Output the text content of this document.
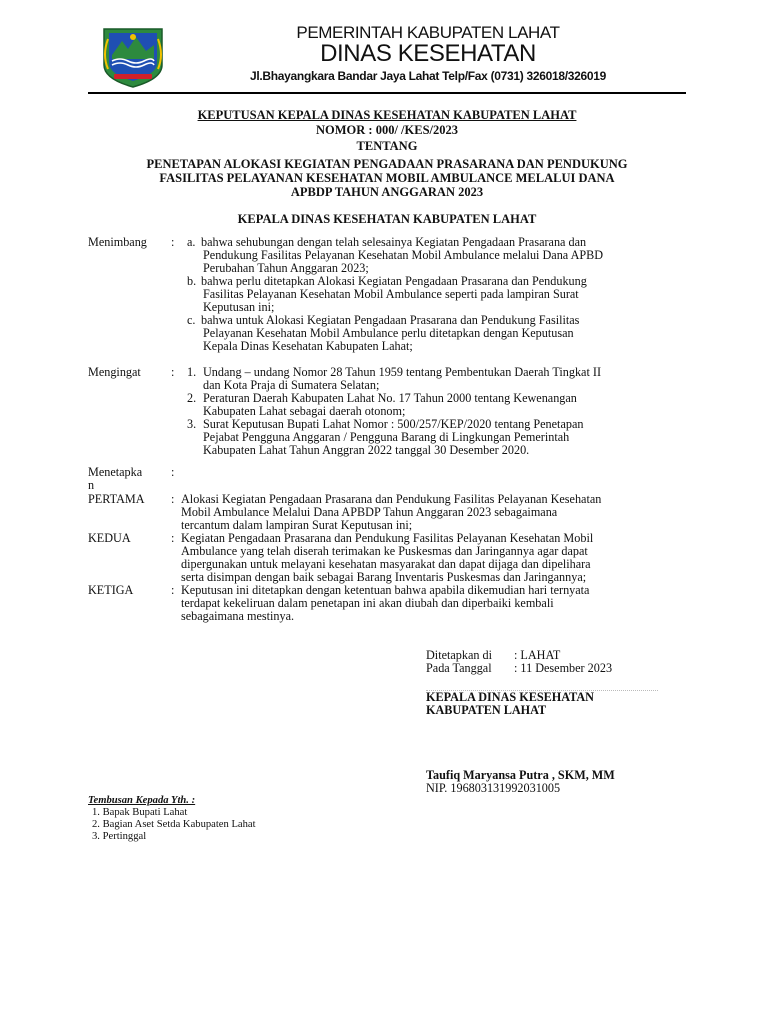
PEMERINTAH KABUPATEN LAHAT
DINAS KESEHATAN
Jl.Bhayangkara Bandar Jaya Lahat Telp/Fax (0731) 326018/326019
KEPUTUSAN KEPALA DINAS KESEHATAN KABUPATEN LAHAT
NOMOR : 000/ /KES/2023
TENTANG
PENETAPAN ALOKASI KEGIATAN PENGADAAN PRASARANA DAN PENDUKUNG
FASILITAS PELAYANAN KESEHATAN MOBIL AMBULANCE MELALUI DANA
APBDP TAHUN ANGGARAN 2023
KEPALA DINAS KESEHATAN KABUPATEN LAHAT
Menimbang : a. bahwa sehubungan dengan telah selesainya Kegiatan Pengadaan Prasarana dan
Pendukung Fasilitas Pelayanan Kesehatan Mobil Ambulance melalui Dana APBD
Perubahan Tahun Anggaran 2023;
b. bahwa perlu ditetapkan Alokasi Kegiatan Pengadaan Prasarana dan Pendukung
Fasilitas Pelayanan Kesehatan Mobil Ambulance seperti pada lampiran Surat
Keputusan ini;
c. bahwa untuk Alokasi Kegiatan Pengadaan Prasarana dan Pendukung Fasilitas
Pelayanan Kesehatan Mobil Ambulance perlu ditetapkan dengan Keputusan
Kepala Dinas Kesehatan Kabupaten Lahat;
Mengingat : 1. Undang – undang Nomor 28 Tahun 1959 tentang Pembentukan Daerah Tingkat II
dan Kota Praja di Sumatera Selatan;
2. Peraturan Daerah Kabupaten Lahat No. 17 Tahun 2000 tentang Kewenangan
Kabupaten Lahat sebagai daerah otonom;
3. Surat Keputusan Bupati Lahat Nomor : 500/257/KEP/2020 tentang Penetapan
Pejabat Pengguna Anggaran / Pengguna Barang di Lingkungan Pemerintah
Kabupaten Lahat Tahun Anggran 2022 tanggal 30 Desember 2020.
Menetapka
n
:
PERTAMA : Alokasi Kegiatan Pengadaan Prasarana dan Pendukung Fasilitas Pelayanan Kesehatan
Mobil Ambulance Melalui Dana APBDP Tahun Anggaran 2023 sebagaimana
tercantum dalam lampiran Surat Keputusan ini;
KEDUA	: Kegiatan Pengadaan Prasarana dan Pendukung Fasilitas Pelayanan Kesehatan Mobil
Ambulance yang telah diserah terimakan ke Puskesmas dan Jaringannya agar dapat
dipergunakan untuk melayani kesehatan masyarakat dan dapat dijaga dan dipelihara
serta disimpan dengan baik sebagai Barang Inventaris Puskesmas dan Jaringannya;
KETIGA	: Keputusan ini ditetapkan dengan ketentuan bahwa apabila dikemudian hari ternyata
terdapat kekeliruan dalam penetapan ini akan diubah dan diperbaiki kembali
sebagaimana mestinya.
Ditetapkan di : LAHAT
Pada Tanggal : 11 Desember 2023
KEPALA DINAS KESEHATAN
KABUPATEN LAHAT
Taufiq Maryansa Putra , SKM, MM
NIP. 196803131992031005
Tembusan Kepada Yth. :
1. Bapak Bupati Lahat
2. Bagian Aset Setda Kabupaten Lahat
3. Pertinggal
